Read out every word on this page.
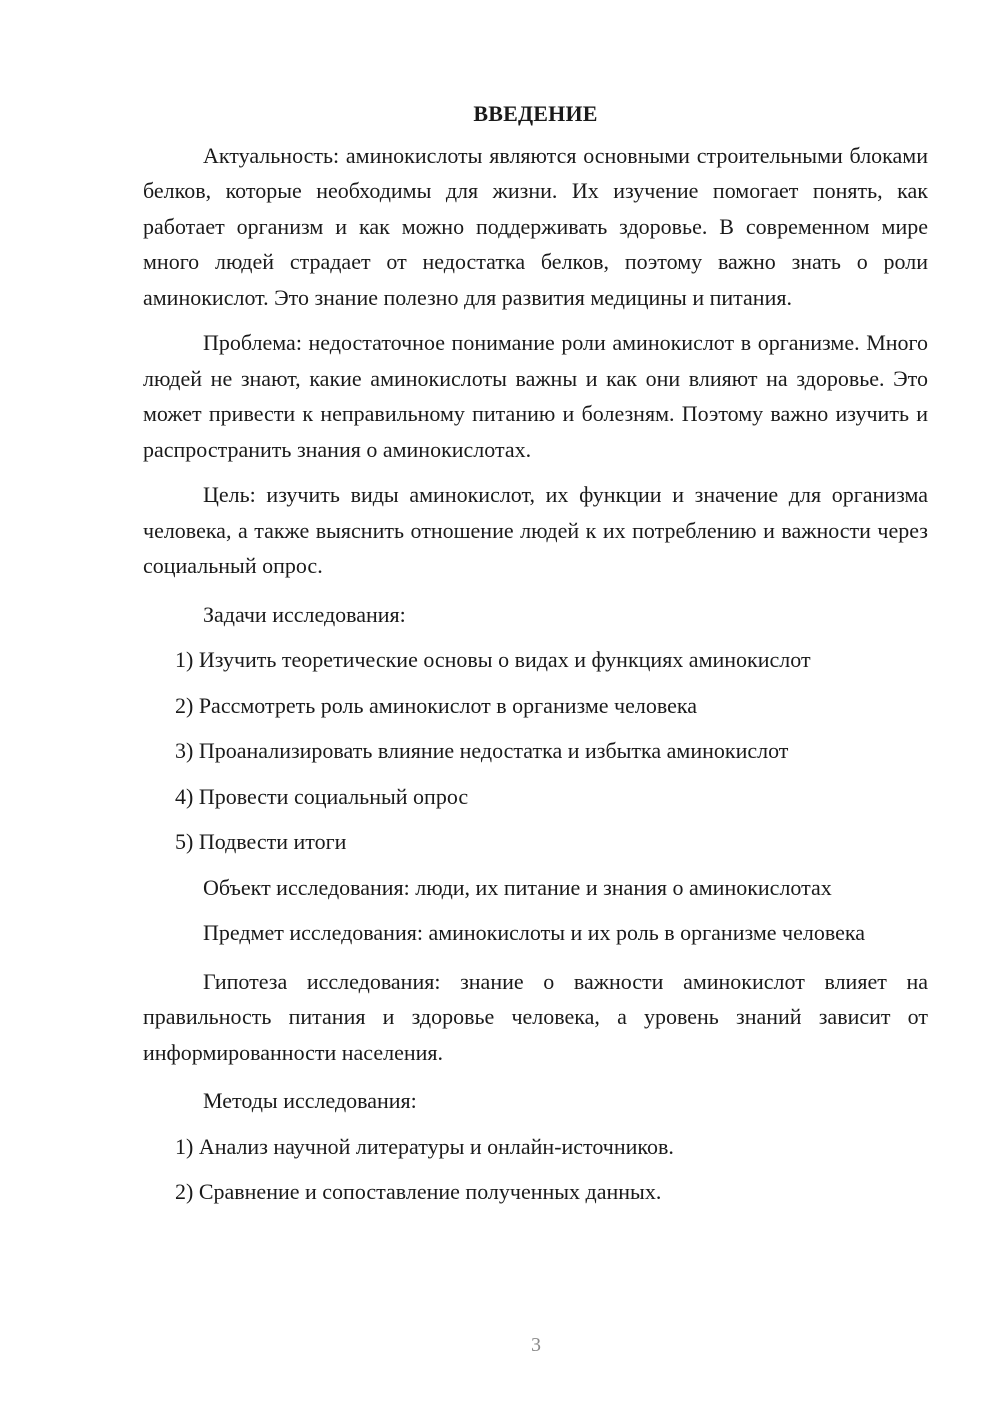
ВВЕДЕНИЕ

Актуальность: аминокислоты являются основными строительными блоками белков, которые необходимы для жизни. Их изучение помогает понять, как работает организм и как можно поддерживать здоровье. В современном мире много людей страдает от недостатка белков, поэтому важно знать о роли аминокислот. Это знание полезно для развития медицины и питания.

Проблема: недостаточное понимание роли аминокислот в организме. Много людей не знают, какие аминокислоты важны и как они влияют на здоровье. Это может привести к неправильному питанию и болезням. Поэтому важно изучить и распространить знания о аминокислотах.

Цель: изучить виды аминокислот, их функции и значение для организма человека, а также выяснить отношение людей к их потреблению и важности через социальный опрос.

Задачи исследования:
1) Изучить теоретические основы о видах и функциях аминокислот
2) Рассмотреть роль аминокислот в организме человека
3) Проанализировать влияние недостатка и избытка аминокислот
4) Провести социальный опрос
5) Подвести итоги
Объект исследования: люди, их питание и знания о аминокислотах

Предмет исследования: аминокислоты и их роль в организме человека

Гипотеза исследования: знание о важности аминокислот влияет на правильность питания и здоровье человека, а уровень знаний зависит от информированности населения.

Методы исследования:
1) Анализ научной литературы и онлайн-источников.
2) Сравнение и сопоставление полученных данных.
3
